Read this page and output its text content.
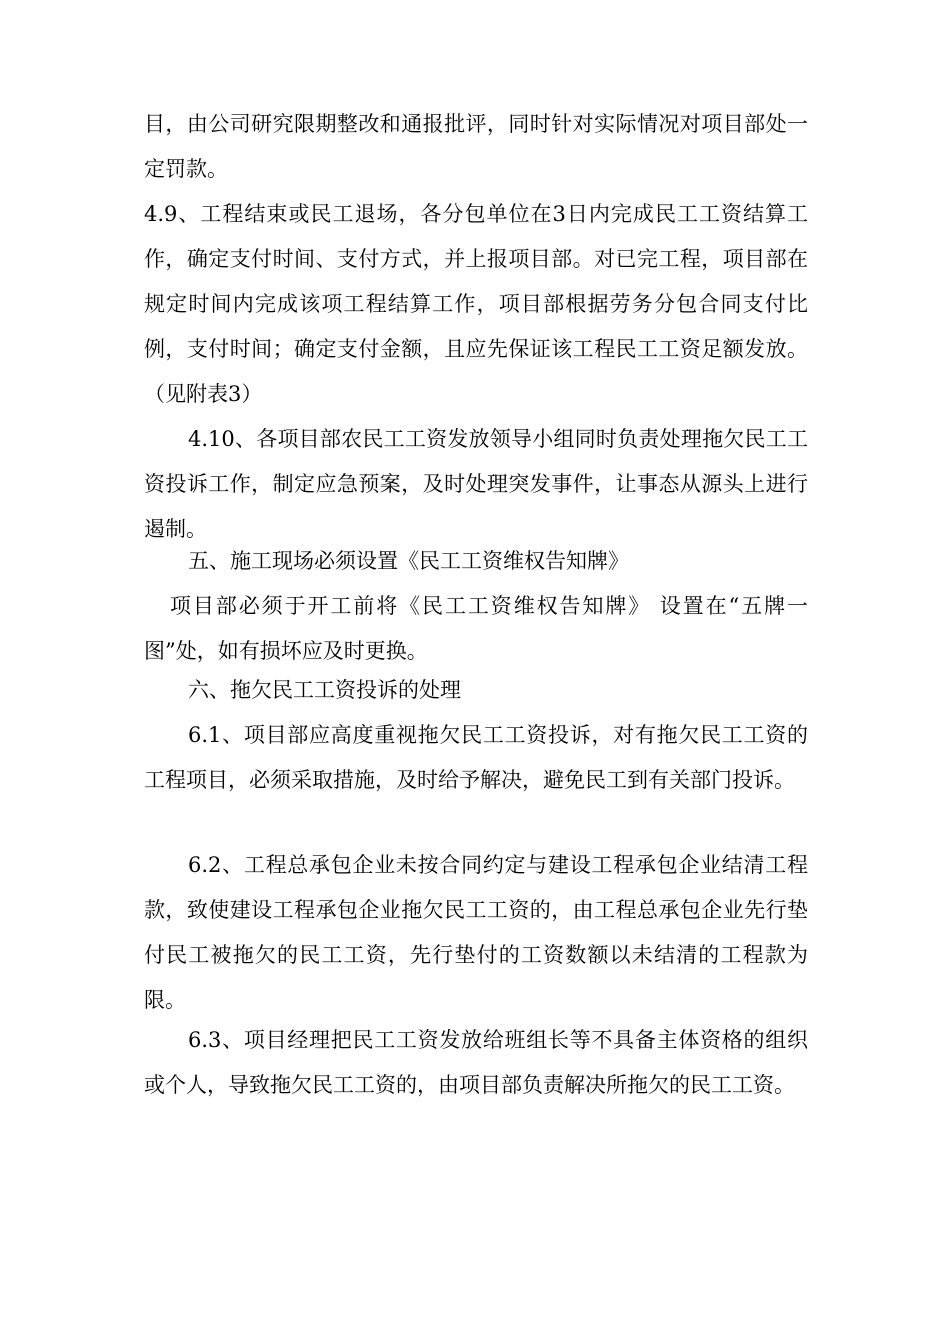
目，由公司研究限期整改和通报批评，同时针对实际情况对项目部处一定罚款。

4.9、工程结束或民工退场，各分包单位在3日内完成民工工资结算工作，确定支付时间、支付方式，并上报项目部。对已完工程，项目部在规定时间内完成该项工程结算工作，项目部根据劳务分包合同支付比例，支付时间；确定支付金额，且应先保证该工程民工工资足额发放。（见附表3）

4.10、各项目部农民工工资发放领导小组同时负责处理拖欠民工工资投诉工作，制定应急预案，及时处理突发事件，让事态从源头上进行遏制。

五、施工现场必须设置《民工工资维权告知牌》

项目部必须于开工前将《民工工资维权告知牌》 设置在“五牌一图”处，如有损坏应及时更换。

六、拖欠民工工资投诉的处理

6.1、项目部应高度重视拖欠民工工资投诉，对有拖欠民工工资的工程项目，必须采取措施，及时给予解决，避免民工到有关部门投诉。

6.2、工程总承包企业未按合同约定与建设工程承包企业结清工程款，致使建设工程承包企业拖欠民工工资的，由工程总承包企业先行垫付民工被拖欠的民工工资，先行垫付的工资数额以未结清的工程款为限。

6.3、项目经理把民工工资发放给班组长等不具备主体资格的组织或个人，导致拖欠民工工资的，由项目部负责解决所拖欠的民工工资。
